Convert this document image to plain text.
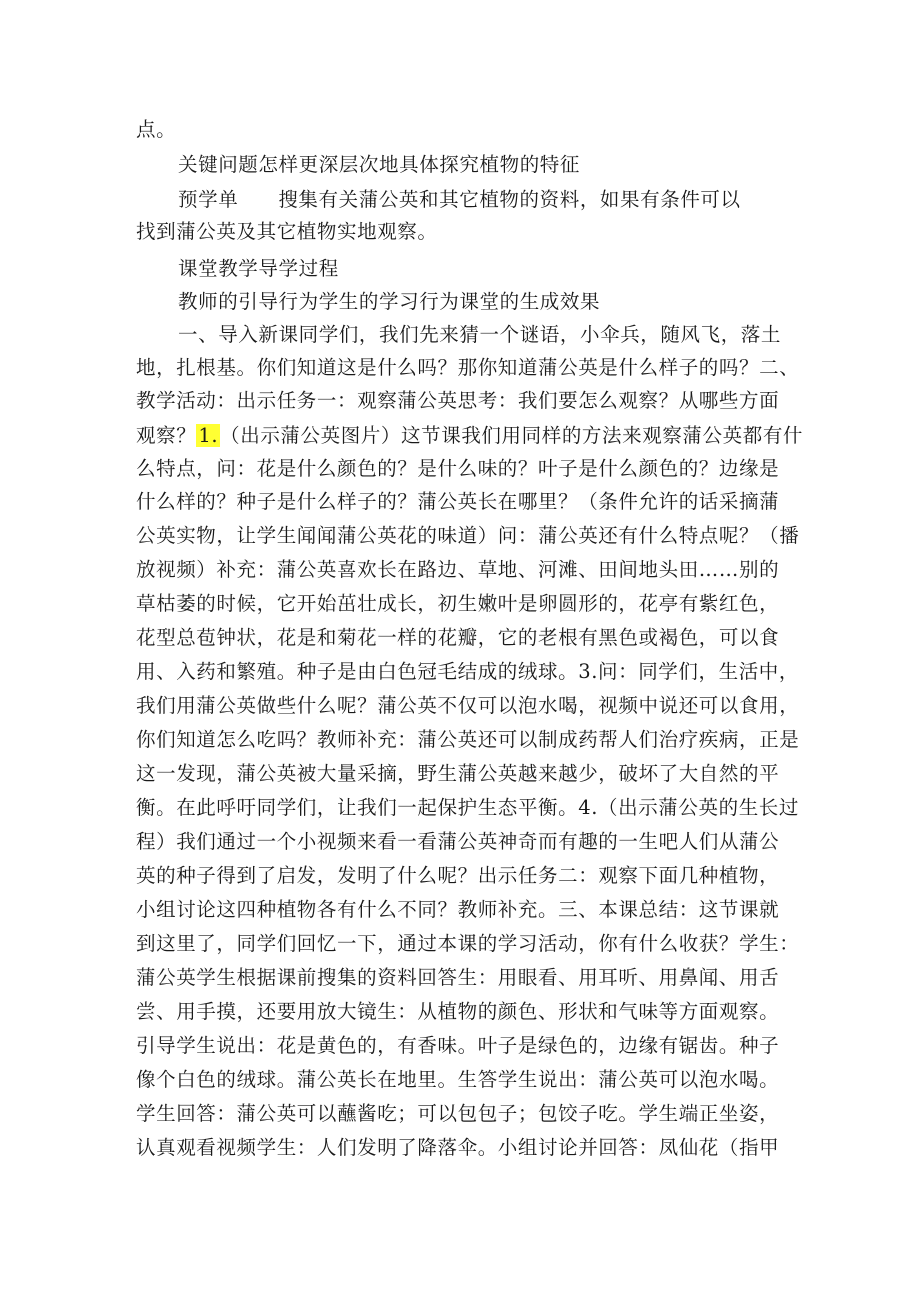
点。
关键问题怎样更深层次地具体探究植物的特征
预学单 搜集有关蒲公英和其它植物的资料，如果有条件可以
找到蒲公英及其它植物实地观察。
课堂教学导学过程
教师的引导行为学生的学习行为课堂的生成效果
一、导入新课同学们，我们先来猜一个谜语，小伞兵，随风飞，落土
地，扎根基。你们知道这是什么吗？那你知道蒲公英是什么样子的吗？二、
教学活动：出示任务一：观察蒲公英思考：我们要怎么观察？从哪些方面
观察？ 1. （出示蒲公英图片）这节课我们用同样的方法来观察蒲公英都有什
么特点，问：花是什么颜色的？是什么味的？叶子是什么颜色的？边缘是
什么样的？种子是什么样子的？蒲公英长在哪里？（条件允许的话采摘蒲
公英实物，让学生闻闻蒲公英花的味道）问：蒲公英还有什么特点呢？（播
放视频）补充：蒲公英喜欢长在路边、草地、河滩、田间地头田……别的
草枯萎的时候，它开始茁壮成长，初生嫩叶是卵圆形的，花亭有紫红色，
花型总苞钟状，花是和菊花一样的花瓣，它的老根有黑色或褐色，可以食
用、入药和繁殖。种子是由白色冠毛结成的绒球。3.问：同学们，生活中，
我们用蒲公英做些什么呢？蒲公英不仅可以泡水喝，视频中说还可以食用，
你们知道怎么吃吗？教师补充：蒲公英还可以制成药帮人们治疗疾病，正是
这一发现，蒲公英被大量采摘，野生蒲公英越来越少，破坏了大自然的平
衡。在此呼吁同学们，让我们一起保护生态平衡。4.（出示蒲公英的生长过
程）我们通过一个小视频来看一看蒲公英神奇而有趣的一生吧人们从蒲公
英的种子得到了启发，发明了什么呢？出示任务二：观察下面几种植物，
小组讨论这四种植物各有什么不同？教师补充。三、本课总结：这节课就
到这里了，同学们回忆一下，通过本课的学习活动，你有什么收获？学生：
蒲公英学生根据课前搜集的资料回答生：用眼看、用耳听、用鼻闻、用舌
尝、用手摸，还要用放大镜生：从植物的颜色、形状和气味等方面观察。
引导学生说出：花是黄色的，有香味。叶子是绿色的，边缘有锯齿。种子
像个白色的绒球。蒲公英长在地里。生答学生说出：蒲公英可以泡水喝。
学生回答：蒲公英可以蘸酱吃；可以包包子；包饺子吃。学生端正坐姿，
认真观看视频学生：人们发明了降落伞。小组讨论并回答：凤仙花（指甲
